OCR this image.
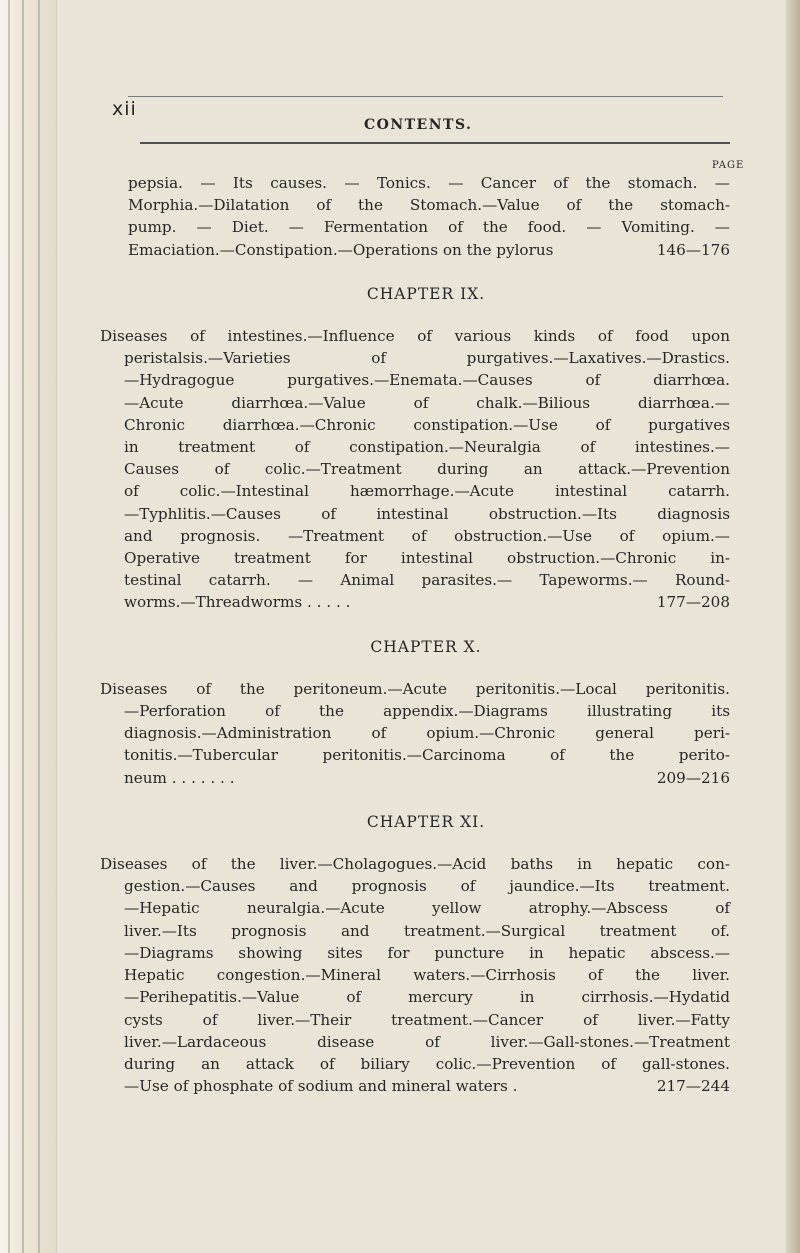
xii
CONTENTS.
PAGE
pepsia. — Its causes. — Tonics. — Cancer of the stomach. —
Morphia.—Dilatation of the Stomach.—Value of the stomach-
pump. — Diet. — Fermentation of the food. — Vomiting. —
Emaciation.—Constipation.—Operations on the pylorus	146—176
CHAPTER IX.
Diseases of intestines.—Influence of various kinds of food upon
peristalsis.—Varieties of purgatives.—Laxatives.—Drastics.
—Hydragogue purgatives.—Enemata.—Causes of diarrhœa.
—Acute diarrhœa.—Value of chalk.—Bilious diarrhœa.—
Chronic diarrhœa.—Chronic constipation.—Use of purgatives
in treatment of constipation.—Neuralgia of intestines.—
Causes of colic.—Treatment during an attack.—Prevention
of colic.—Intestinal hæmorrhage.—Acute intestinal catarrh.
—Typhlitis.—Causes of intestinal obstruction.—Its diagnosis
and prognosis. —Treatment of obstruction.—Use of opium.—
Operative treatment for intestinal obstruction.—Chronic in-
testinal catarrh. — Animal parasites.— Tapeworms.— Round-
worms.—Threadworms . . . . .	177—208
CHAPTER X.
Diseases of the peritoneum.—Acute peritonitis.—Local peritonitis.
—Perforation of the appendix.—Diagrams illustrating its
diagnosis.—Administration of opium.—Chronic general peri-
tonitis.—Tubercular peritonitis.—Carcinoma of the perito-
neum . . . . . . .	209—216
CHAPTER XI.
Diseases of the liver.—Cholagogues.—Acid baths in hepatic con-
gestion.—Causes and prognosis of jaundice.—Its treatment.
—Hepatic neuralgia.—Acute yellow atrophy.—Abscess of
liver.—Its prognosis and treatment.—Surgical treatment of.
—Diagrams showing sites for puncture in hepatic abscess.—
Hepatic congestion.—Mineral waters.—Cirrhosis of the liver.
—Perihepatitis.—Value of mercury in cirrhosis.—Hydatid
cysts of liver.—Their treatment.—Cancer of liver.—Fatty
liver.—Lardaceous disease of liver.—Gall-stones.—Treatment
during an attack of biliary colic.—Prevention of gall-stones.
—Use of phosphate of sodium and mineral waters .	217—244
